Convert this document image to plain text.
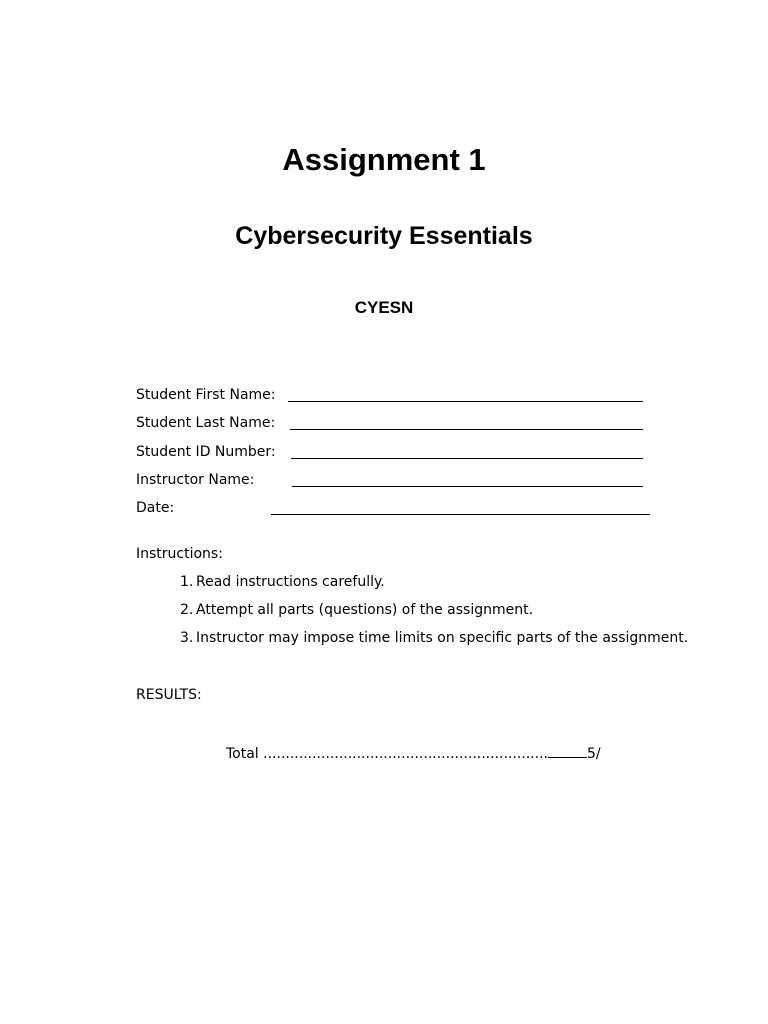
Assignment 1
Cybersecurity Essentials
CYESN
Student First Name:
Student Last Name:
Student ID Number:
Instructor Name:
Date:
Instructions:
1. Read instructions carefully.
2. Attempt all parts (questions) of the assignment.
3. Instructor may impose time limits on specific parts of the assignment.
RESULTS:
Total ................................................................	5/
